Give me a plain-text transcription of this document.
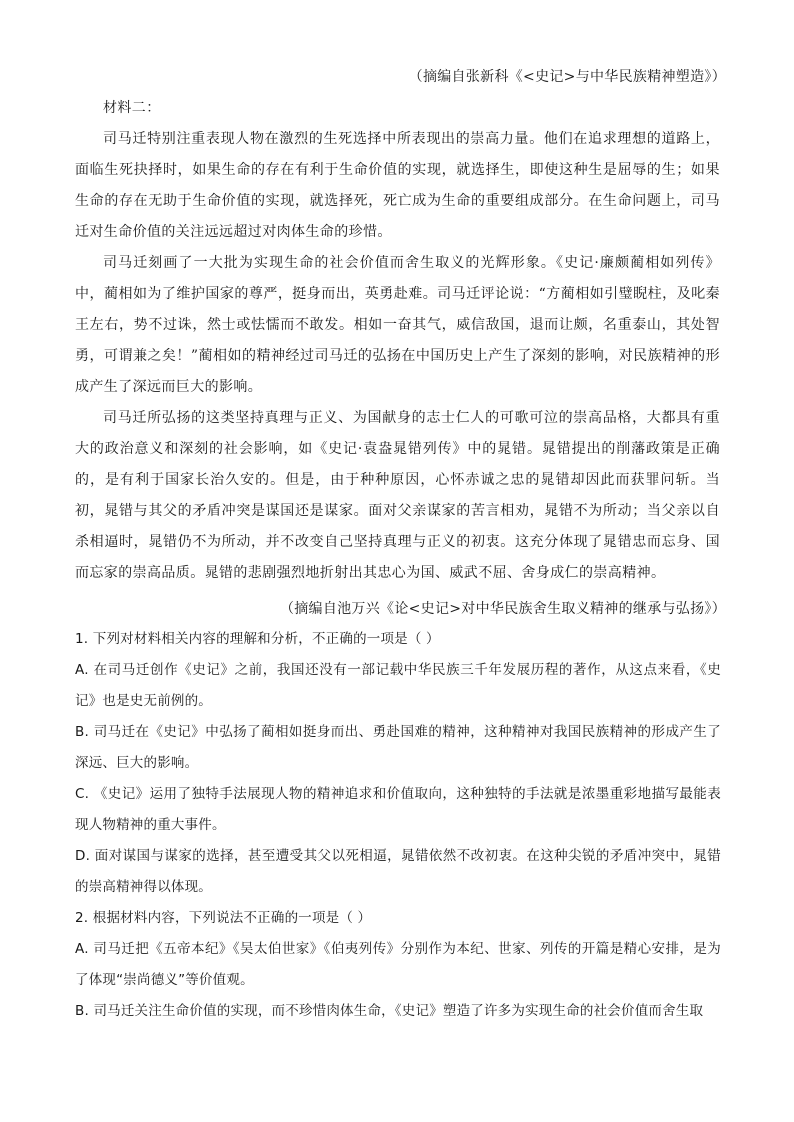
（摘编自张新科《<史记>与中华民族精神塑造》）

材料二：

司马迁特别注重表现人物在激烈的生死选择中所表现出的崇高力量。他们在追求理想的道路上，面临生死抉择时，如果生命的存在有利于生命价值的实现，就选择生，即使这种生是屈辱的生；如果生命的存在无助于生命价值的实现，就选择死，死亡成为生命的重要组成部分。在生命问题上，司马迁对生命价值的关注远远超过对肉体生命的珍惜。

司马迁刻画了一大批为实现生命的社会价值而舍生取义的光辉形象。《史记·廉颇蔺相如列传》中，蔺相如为了维护国家的尊严，挺身而出，英勇赴难。司马迁评论说：“方蔺相如引璧睨柱，及叱秦王左右，势不过诛，然士或怯懦而不敢发。相如一奋其气，威信敌国，退而让颇，名重泰山，其处智勇，可谓兼之矣！”蔺相如的精神经过司马迁的弘扬在中国历史上产生了深刻的影响，对民族精神的形成产生了深远而巨大的影响。

司马迁所弘扬的这类坚持真理与正义、为国献身的志士仁人的可歌可泣的崇高品格，大都具有重大的政治意义和深刻的社会影响，如《史记·袁盎晁错列传》中的晁错。晁错提出的削藩政策是正确的，是有利于国家长治久安的。但是，由于种种原因，心怀赤诚之忠的晁错却因此而获罪问斩。当初，晁错与其父的矛盾冲突是谋国还是谋家。面对父亲谋家的苦言相劝，晁错不为所动；当父亲以自杀相逼时，晁错仍不为所动，并不改变自己坚持真理与正义的初衷。这充分体现了晁错忠而忘身、国而忘家的崇高品质。晁错的悲剧强烈地折射出其忠心为国、威武不屈、舍身成仁的崇高精神。

（摘编自池万兴《论<史记>对中华民族舍生取义精神的继承与弘扬》）

1. 下列对材料相关内容的理解和分析，不正确的一项是（ ）

A. 在司马迁创作《史记》之前，我国还没有一部记载中华民族三千年发展历程的著作，从这点来看，《史记》也是史无前例的。

B. 司马迁在《史记》中弘扬了蔺相如挺身而出、勇赴国难的精神，这种精神对我国民族精神的形成产生了深远、巨大的影响。

C. 《史记》运用了独特手法展现人物的精神追求和价值取向，这种独特的手法就是浓墨重彩地描写最能表现人物精神的重大事件。

D. 面对谋国与谋家的选择，甚至遭受其父以死相逼，晁错依然不改初衷。在这种尖锐的矛盾冲突中，晁错的崇高精神得以体现。

2. 根据材料内容，下列说法不正确的一项是（ ）

A. 司马迁把《五帝本纪》《吴太伯世家》《伯夷列传》分别作为本纪、世家、列传的开篇是精心安排，是为了体现“崇尚德义”等价值观。

B. 司马迁关注生命价值的实现，而不珍惜肉体生命，《史记》塑造了许多为实现生命的社会价值而舍生取
